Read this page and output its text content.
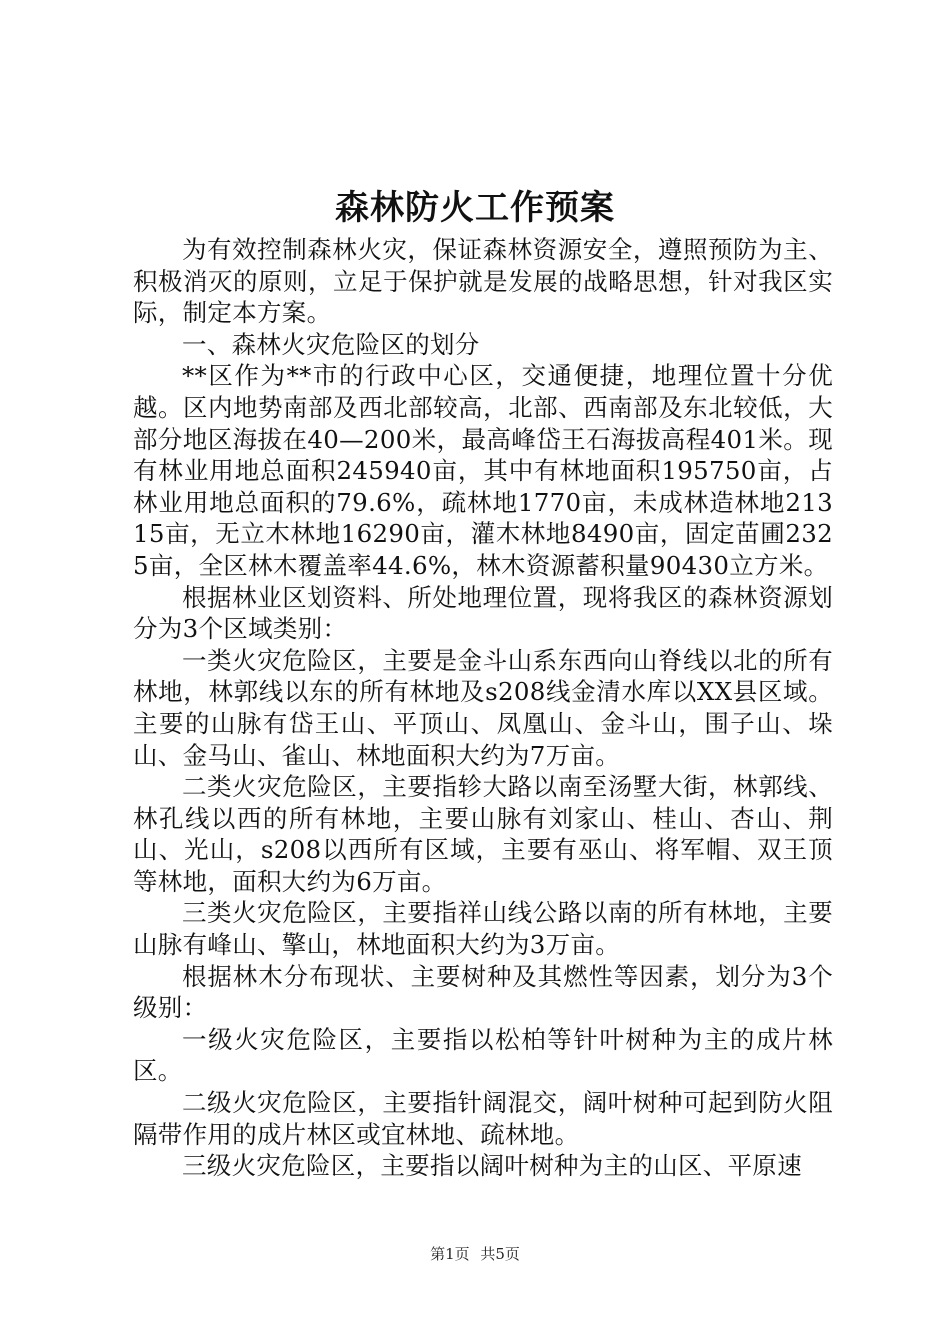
森林防火工作预案

为有效控制森林火灾，保证森林资源安全，遵照预防为主、积极消灭的原则，立足于保护就是发展的战略思想，针对我区实际，制定本方案。

一、森林火灾危险区的划分

**区作为**市的行政中心区，交通便捷，地理位置十分优越。区内地势南部及西北部较高，北部、西南部及东北较低，大部分地区海拔在40—200米，最高峰岱王石海拔高程401米。现有林业用地总面积245940亩，其中有林地面积195750亩，占林业用地总面积的79.6%，疏林地1770亩，未成林造林地21315亩，无立木林地16290亩，灌木林地8490亩，固定苗圃2325亩，全区林木覆盖率44.6%，林木资源蓄积量90430立方米。

根据林业区划资料、所处地理位置，现将我区的森林资源划分为3个区域类别：

一类火灾危险区，主要是金斗山系东西向山脊线以北的所有林地，林郭线以东的所有林地及s208线金清水库以XX县区域。主要的山脉有岱王山、平顶山、凤凰山、金斗山，围子山、垛山、金马山、雀山、林地面积大约为7万亩。

二类火灾危险区，主要指轸大路以南至汤墅大街，林郭线、林孔线以西的所有林地，主要山脉有刘家山、桂山、杏山、荆山、光山，s208以西所有区域，主要有巫山、将军帽、双王顶等林地，面积大约为6万亩。

三类火灾危险区，主要指祥山线公路以南的所有林地，主要山脉有峰山、擎山，林地面积大约为3万亩。

根据林木分布现状、主要树种及其燃性等因素，划分为3个级别：

一级火灾危险区，主要指以松柏等针叶树种为主的成片林区。

二级火灾危险区，主要指针阔混交，阔叶树种可起到防火阻隔带作用的成片林区或宜林地、疏林地。

三级火灾危险区，主要指以阔叶树种为主的山区、平原速

第1页 共5页
